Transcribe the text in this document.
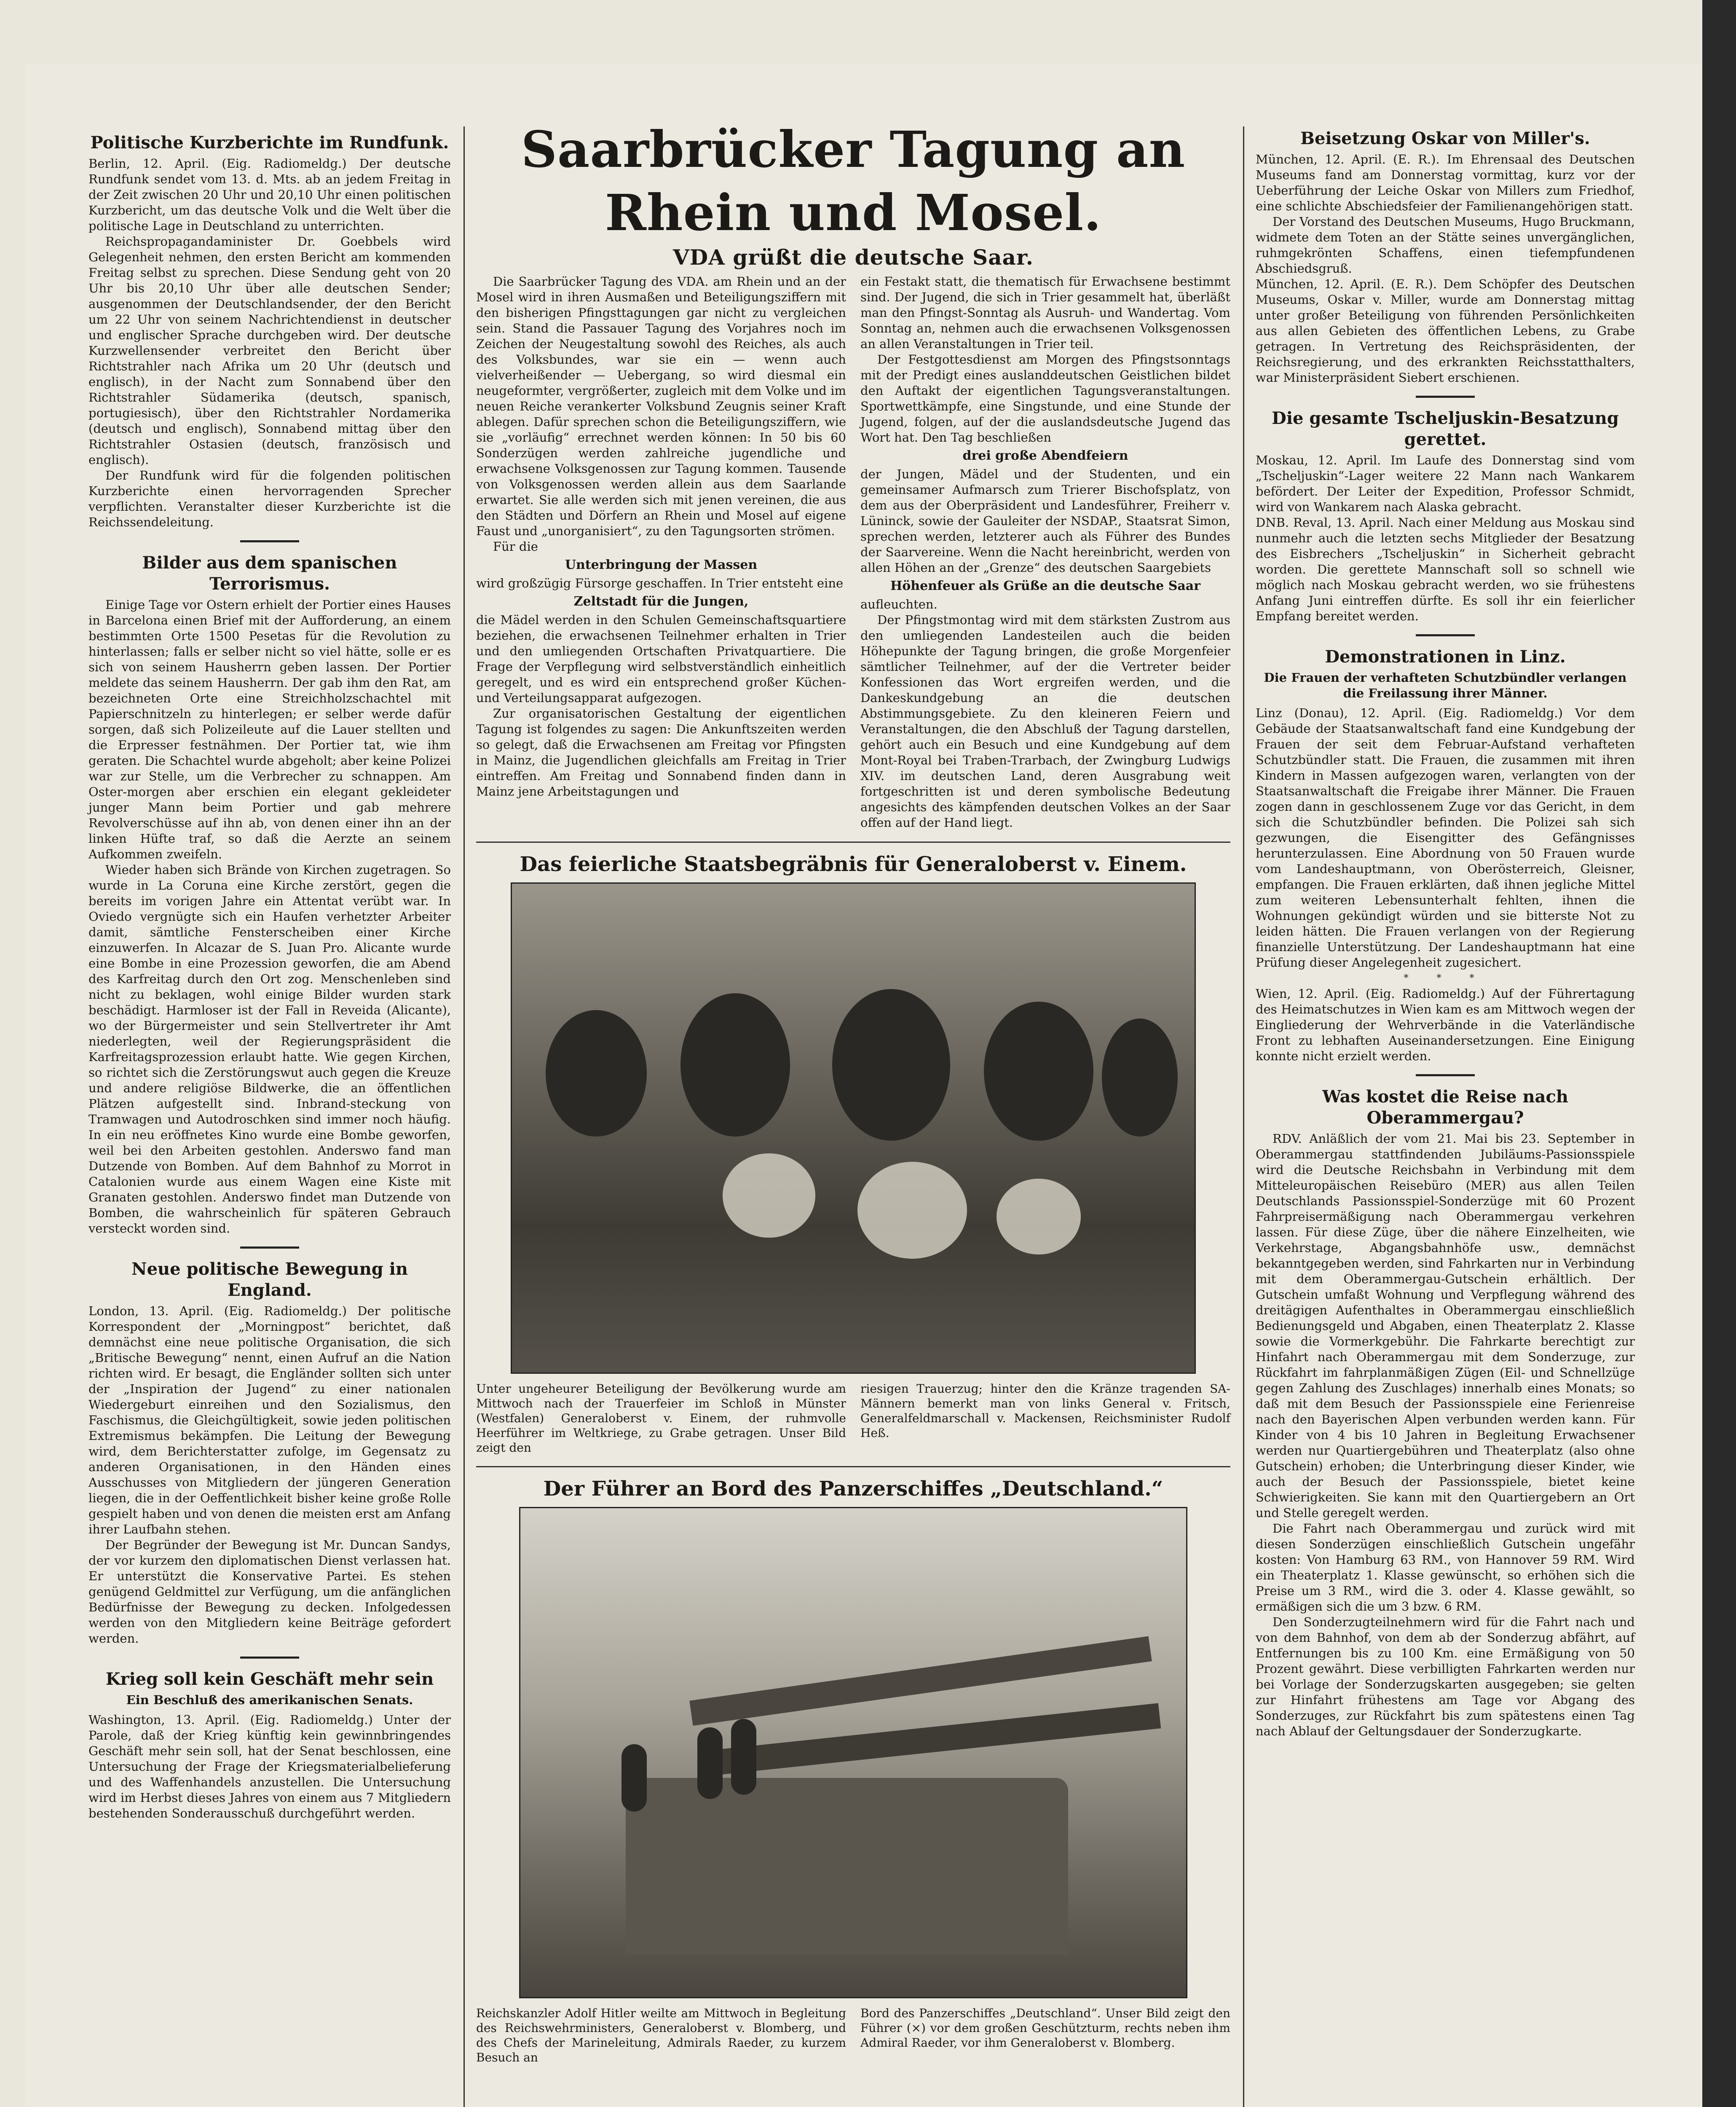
Politische Kurzberichte im Rundfunk.

Berlin, 12. April. (Eig. Radiomeldg.) Der deutsche Rundfunk sendet vom 13. d. Mts. ab an jedem Freitag in der Zeit zwischen 20 Uhr und 20,10 Uhr einen politischen Kurzbericht, um das deutsche Volk und die Welt über die politische Lage in Deutschland zu unterrichten.

Reichspropagandaminister Dr. Goebbels wird Gelegenheit nehmen, den ersten Bericht am kommenden Freitag selbst zu sprechen. Diese Sendung geht von 20 Uhr bis 20,10 Uhr über alle deutschen Sender; ausgenommen der Deutschlandsender, der den Bericht um 22 Uhr von seinem Nachrichtendienst in deutscher und englischer Sprache durchgeben wird. Der deutsche Kurzwellensender verbreitet den Bericht über Richtstrahler nach Afrika um 20 Uhr (deutsch und englisch), in der Nacht zum Sonnabend über den Richtstrahler Südamerika (deutsch, spanisch, portugiesisch), über den Richtstrahler Nordamerika (deutsch und englisch), Sonnabend mittag über den Richtstrahler Ostasien (deutsch, französisch und englisch).

Der Rundfunk wird für die folgenden politischen Kurzberichte einen hervorragenden Sprecher verpflichten. Veranstalter dieser Kurzberichte ist die Reichssendeleitung.

Bilder aus dem spanischen Terrorismus.

Einige Tage vor Ostern erhielt der Portier eines Hauses in Barcelona einen Brief mit der Aufforderung, an einem bestimmten Orte 1500 Pesetas für die Revolution zu hinterlassen; falls er selber nicht so viel hätte, solle er es sich von seinem Hausherrn geben lassen. Der Portier meldete das seinem Hausherrn. Der gab ihm den Rat, am bezeichneten Orte eine Streichholzschachtel mit Papierschnitzeln zu hinterlegen; er selber werde dafür sorgen, daß sich Polizeileute auf die Lauer stellten und die Erpresser festnähmen. Der Portier tat, wie ihm geraten. Die Schachtel wurde abgeholt; aber keine Polizei war zur Stelle, um die Verbrecher zu schnappen. Am Oster-morgen aber erschien ein elegant gekleideter junger Mann beim Portier und gab mehrere Revolverschüsse auf ihn ab, von denen einer ihn an der linken Hüfte traf, so daß die Aerzte an seinem Aufkommen zweifeln.

Wieder haben sich Brände von Kirchen zugetragen. So wurde in La Coruna eine Kirche zerstört, gegen die bereits im vorigen Jahre ein Attentat verübt war. In Oviedo vergnügte sich ein Haufen verhetzter Arbeiter damit, sämtliche Fensterscheiben einer Kirche einzuwerfen. In Alcazar de S. Juan Pro. Alicante wurde eine Bombe in eine Prozession geworfen, die am Abend des Karfreitag durch den Ort zog. Menschenleben sind nicht zu beklagen, wohl einige Bilder wurden stark beschädigt. Harmloser ist der Fall in Reveida (Alicante), wo der Bürgermeister und sein Stellvertreter ihr Amt niederlegten, weil der Regierungspräsident die Karfreitagsprozession erlaubt hatte. Wie gegen Kirchen, so richtet sich die Zerstörungswut auch gegen die Kreuze und andere religiöse Bildwerke, die an öffentlichen Plätzen aufgestellt sind. Inbrand-steckung von Tramwagen und Autodroschken sind immer noch häufig. In ein neu eröffnetes Kino wurde eine Bombe geworfen, weil bei den Arbeiten gestohlen. Anderswo fand man Dutzende von Bomben. Auf dem Bahnhof zu Morrot in Catalonien wurde aus einem Wagen eine Kiste mit Granaten gestohlen. Anderswo findet man Dutzende von Bomben, die wahrscheinlich für späteren Gebrauch versteckt worden sind.

Neue politische Bewegung in England.

London, 13. April. (Eig. Radiomeldg.) Der politische Korrespondent der „Morningpost“ berichtet, daß demnächst eine neue politische Organisation, die sich „Britische Bewegung“ nennt, einen Aufruf an die Nation richten wird. Er besagt, die Engländer sollten sich unter der „Inspiration der Jugend“ zu einer nationalen Wiedergeburt einreihen und den Sozialismus, den Faschismus, die Gleichgültigkeit, sowie jeden politischen Extremismus bekämpfen. Die Leitung der Bewegung wird, dem Berichterstatter zufolge, im Gegensatz zu anderen Organisationen, in den Händen eines Ausschusses von Mitgliedern der jüngeren Generation liegen, die in der Oeffentlichkeit bisher keine große Rolle gespielt haben und von denen die meisten erst am Anfang ihrer Laufbahn stehen.

Der Begründer der Bewegung ist Mr. Duncan Sandys, der vor kurzem den diplomatischen Dienst verlassen hat. Er unterstützt die Konservative Partei. Es stehen genügend Geldmittel zur Verfügung, um die anfänglichen Bedürfnisse der Bewegung zu decken. Infolgedessen werden von den Mitgliedern keine Beiträge gefordert werden.

Krieg soll kein Geschäft mehr sein
Ein Beschluß des amerikanischen Senats.

Washington, 13. April. (Eig. Radiomeldg.) Unter der Parole, daß der Krieg künftig kein gewinnbringendes Geschäft mehr sein soll, hat der Senat beschlossen, eine Untersuchung der Frage der Kriegsmaterialbelieferung und des Waffenhandels anzustellen. Die Untersuchung wird im Herbst dieses Jahres von einem aus 7 Mitgliedern bestehenden Sonderausschuß durchgeführt werden.

Saarbrücker Tagung an Rhein und Mosel.
VDA grüßt die deutsche Saar.

Die Saarbrücker Tagung des VDA. am Rhein und an der Mosel wird in ihren Ausmaßen und Beteiligungsziffern mit den bisherigen Pfingsttagungen gar nicht zu vergleichen sein. Stand die Passauer Tagung des Vorjahres noch im Zeichen der Neugestaltung sowohl des Reiches, als auch des Volksbundes, war sie ein — wenn auch vielverheißender — Uebergang, so wird diesmal ein neugeformter, vergrößerter, zugleich mit dem Volke und im neuen Reiche verankerter Volksbund Zeugnis seiner Kraft ablegen. Dafür sprechen schon die Beteiligungsziffern, wie sie „vorläufig“ errechnet werden können: In 50 bis 60 Sonderzügen werden zahlreiche jugendliche und erwachsene Volksgenossen zur Tagung kommen. Tausende von Volksgenossen werden allein aus dem Saarlande erwartet. Sie alle werden sich mit jenen vereinen, die aus den Städten und Dörfern an Rhein und Mosel auf eigene Faust und „unorganisiert“, zu den Tagungsorten strömen.

Für die

Unterbringung der Massen

wird großzügig Fürsorge geschaffen. In Trier entsteht eine

Zeltstadt für die Jungen,

die Mädel werden in den Schulen Gemeinschaftsquartiere beziehen, die erwachsenen Teilnehmer erhalten in Trier und den umliegenden Ortschaften Privatquartiere. Die Frage der Verpflegung wird selbstverständlich einheitlich geregelt, und es wird ein entsprechend großer Küchen- und Verteilungsapparat aufgezogen.

Zur organisatorischen Gestaltung der eigentlichen Tagung ist folgendes zu sagen: Die Ankunftszeiten werden so gelegt, daß die Erwachsenen am Freitag vor Pfingsten in Mainz, die Jugendlichen gleichfalls am Freitag in Trier eintreffen. Am Freitag und Sonnabend finden dann in Mainz jene Arbeitstagungen und

ein Festakt statt, die thematisch für Erwachsene bestimmt sind. Der Jugend, die sich in Trier gesammelt hat, überläßt man den Pfingst-Sonntag als Ausruh- und Wandertag. Vom Sonntag an, nehmen auch die erwachsenen Volksgenossen an allen Veranstaltungen in Trier teil.

Der Festgottesdienst am Morgen des Pfingstsonntags mit der Predigt eines auslanddeutschen Geistlichen bildet den Auftakt der eigentlichen Tagungsveranstaltungen. Sportwettkämpfe, eine Singstunde, und eine Stunde der Jugend, folgen, auf der die auslandsdeutsche Jugend das Wort hat. Den Tag beschließen

drei große Abendfeiern

der Jungen, Mädel und der Studenten, und ein gemeinsamer Aufmarsch zum Trierer Bischofsplatz, von dem aus der Oberpräsident und Landesführer, Freiherr v. Lüninck, sowie der Gauleiter der NSDAP., Staatsrat Simon, sprechen werden, letzterer auch als Führer des Bundes der Saarvereine. Wenn die Nacht hereinbricht, werden von allen Höhen an der „Grenze“ des deutschen Saargebiets

Höhenfeuer als Grüße an die deutsche Saar

aufleuchten.

Der Pfingstmontag wird mit dem stärksten Zustrom aus den umliegenden Landesteilen auch die beiden Höhepunkte der Tagung bringen, die große Morgenfeier sämtlicher Teilnehmer, auf der die Vertreter beider Konfessionen das Wort ergreifen werden, und die Dankeskundgebung an die deutschen Abstimmungsgebiete. Zu den kleineren Feiern und Veranstaltungen, die den Abschluß der Tagung darstellen, gehört auch ein Besuch und eine Kundgebung auf dem Mont-Royal bei Traben-Trarbach, der Zwingburg Ludwigs XIV. im deutschen Land, deren Ausgrabung weit fortgeschritten ist und deren symbolische Bedeutung angesichts des kämpfenden deutschen Volkes an der Saar offen auf der Hand liegt.

Das feierliche Staatsbegräbnis für Generaloberst v. Einem.

Unter ungeheurer Beteiligung der Bevölkerung wurde am Mittwoch nach der Trauerfeier im Schloß in Münster (Westfalen) Generaloberst v. Einem, der ruhmvolle Heerführer im Weltkriege, zu Grabe getragen. Unser Bild zeigt den

riesigen Trauerzug; hinter den die Kränze tragenden SA-Männern bemerkt man von links General v. Fritsch, Generalfeldmarschall v. Mackensen, Reichsminister Rudolf Heß.

Der Führer an Bord des Panzerschiffes „Deutschland.“

Reichskanzler Adolf Hitler weilte am Mittwoch in Begleitung des Reichswehrministers, Generaloberst v. Blomberg, und des Chefs der Marineleitung, Admirals Raeder, zu kurzem Besuch an

Bord des Panzerschiffes „Deutschland“. Unser Bild zeigt den Führer (×) vor dem großen Geschützturm, rechts neben ihm Admiral Raeder, vor ihm Generaloberst v. Blomberg.

Beisetzung Oskar von Miller's.

München, 12. April. (E. R.). Im Ehrensaal des Deutschen Museums fand am Donnerstag vormittag, kurz vor der Ueberführung der Leiche Oskar von Millers zum Friedhof, eine schlichte Abschiedsfeier der Familienangehörigen statt.

Der Vorstand des Deutschen Museums, Hugo Bruckmann, widmete dem Toten an der Stätte seines unvergänglichen, ruhmgekrönten Schaffens, einen tiefempfundenen Abschiedsgruß.

München, 12. April. (E. R.). Dem Schöpfer des Deutschen Museums, Oskar v. Miller, wurde am Donnerstag mittag unter großer Beteiligung von führenden Persönlichkeiten aus allen Gebieten des öffentlichen Lebens, zu Grabe getragen. In Vertretung des Reichspräsidenten, der Reichsregierung, und des erkrankten Reichsstatthalters, war Ministerpräsident Siebert erschienen.

Die gesamte Tscheljuskin-Besatzung gerettet.

Moskau, 12. April. Im Laufe des Donnerstag sind vom „Tscheljuskin“-Lager weitere 22 Mann nach Wankarem befördert. Der Leiter der Expedition, Professor Schmidt, wird von Wankarem nach Alaska gebracht.

DNB. Reval, 13. April. Nach einer Meldung aus Moskau sind nunmehr auch die letzten sechs Mitglieder der Besatzung des Eisbrechers „Tscheljuskin“ in Sicherheit gebracht worden. Die gerettete Mannschaft soll so schnell wie möglich nach Moskau gebracht werden, wo sie frühestens Anfang Juni eintreffen dürfte. Es soll ihr ein feierlicher Empfang bereitet werden.

Demonstrationen in Linz.
Die Frauen der verhafteten Schutzbündler verlangen die Freilassung ihrer Männer.

Linz (Donau), 12. April. (Eig. Radiomeldg.) Vor dem Gebäude der Staatsanwaltschaft fand eine Kundgebung der Frauen der seit dem Februar-Aufstand verhafteten Schutzbündler statt. Die Frauen, die zusammen mit ihren Kindern in Massen aufgezogen waren, verlangten von der Staatsanwaltschaft die Freigabe ihrer Männer. Die Frauen zogen dann in geschlossenem Zuge vor das Gericht, in dem sich die Schutzbündler befinden. Die Polizei sah sich gezwungen, die Eisengitter des Gefängnisses herunterzulassen. Eine Abordnung von 50 Frauen wurde vom Landeshauptmann, von Oberösterreich, Gleisner, empfangen. Die Frauen erklärten, daß ihnen jegliche Mittel zum weiteren Lebensunterhalt fehlten, ihnen die Wohnungen gekündigt würden und sie bitterste Not zu leiden hätten. Die Frauen verlangen von der Regierung finanzielle Unterstützung. Der Landeshauptmann hat eine Prüfung dieser Angelegenheit zugesichert.

* * *

Wien, 12. April. (Eig. Radiomeldg.) Auf der Führertagung des Heimatschutzes in Wien kam es am Mittwoch wegen der Eingliederung der Wehrverbände in die Vaterländische Front zu lebhaften Auseinandersetzungen. Eine Einigung konnte nicht erzielt werden.

Was kostet die Reise nach Oberammergau?

RDV. Anläßlich der vom 21. Mai bis 23. September in Oberammergau stattfindenden Jubiläums-Passionsspiele wird die Deutsche Reichsbahn in Verbindung mit dem Mitteleuropäischen Reisebüro (MER) aus allen Teilen Deutschlands Passionsspiel-Sonderzüge mit 60 Prozent Fahrpreisermäßigung nach Oberammergau verkehren lassen. Für diese Züge, über die nähere Einzelheiten, wie Verkehrstage, Abgangsbahnhöfe usw., demnächst bekanntgegeben werden, sind Fahrkarten nur in Verbindung mit dem Oberammergau-Gutschein erhältlich. Der Gutschein umfaßt Wohnung und Verpflegung während des dreitägigen Aufenthaltes in Oberammergau einschließlich Bedienungsgeld und Abgaben, einen Theaterplatz 2. Klasse sowie die Vormerkgebühr. Die Fahrkarte berechtigt zur Hinfahrt nach Oberammergau mit dem Sonderzuge, zur Rückfahrt im fahrplanmäßigen Zügen (Eil- und Schnellzüge gegen Zahlung des Zuschlages) innerhalb eines Monats; so daß mit dem Besuch der Passionsspiele eine Ferienreise nach den Bayerischen Alpen verbunden werden kann. Für Kinder von 4 bis 10 Jahren in Begleitung Erwachsener werden nur Quartiergebühren und Theaterplatz (also ohne Gutschein) erhoben; die Unterbringung dieser Kinder, wie auch der Besuch der Passionsspiele, bietet keine Schwierigkeiten. Sie kann mit den Quartiergebern an Ort und Stelle geregelt werden.

Die Fahrt nach Oberammergau und zurück wird mit diesen Sonderzügen einschließlich Gutschein ungefähr kosten: Von Hamburg 63 RM., von Hannover 59 RM. Wird ein Theaterplatz 1. Klasse gewünscht, so erhöhen sich die Preise um 3 RM., wird die 3. oder 4. Klasse gewählt, so ermäßigen sich die um 3 bzw. 6 RM.

Den Sonderzugteilnehmern wird für die Fahrt nach und von dem Bahnhof, von dem ab der Sonderzug abfährt, auf Entfernungen bis zu 100 Km. eine Ermäßigung von 50 Prozent gewährt. Diese verbilligten Fahrkarten werden nur bei Vorlage der Sonderzugskarten ausgegeben; sie gelten zur Hinfahrt frühestens am Tage vor Abgang des Sonderzuges, zur Rückfahrt bis zum spätestens einen Tag nach Ablauf der Geltungsdauer der Sonderzugkarte.
